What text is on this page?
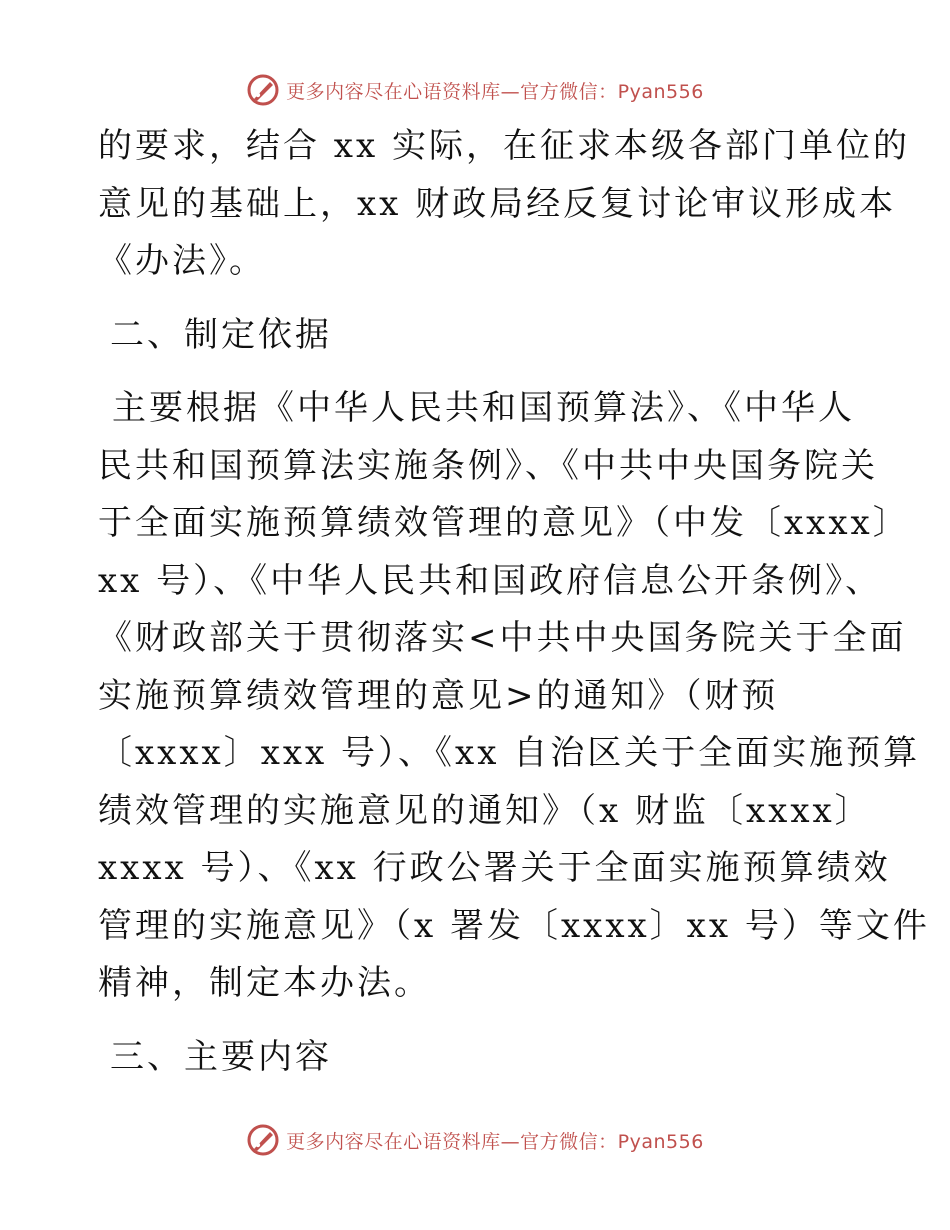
更多内容尽在心语资料库—官方微信：Pyan556
的要求，结合 xx 实际，在征求本级各部门单位的
意见的基础上，xx 财政局经反复讨论审议形成本
《办法》。
二、制定依据
主要根据《中华人民共和国预算法》、《中华人
民共和国预算法实施条例》、《中共中央国务院关
于全面实施预算绩效管理的意见》（中发〔xxxx〕
xx 号）、《中华人民共和国政府信息公开条例》、
《财政部关于贯彻落实<中共中央国务院关于全面
实施预算绩效管理的意见>的通知》（财预
〔xxxx〕xxx 号）、《xx 自治区关于全面实施预算
绩效管理的实施意见的通知》（x 财监〔xxxx〕
xxxx 号）、《xx 行政公署关于全面实施预算绩效
管理的实施意见》（x 署发〔xxxx〕xx 号）等文件
精神，制定本办法。
三、主要内容
更多内容尽在心语资料库—官方微信：Pyan556
